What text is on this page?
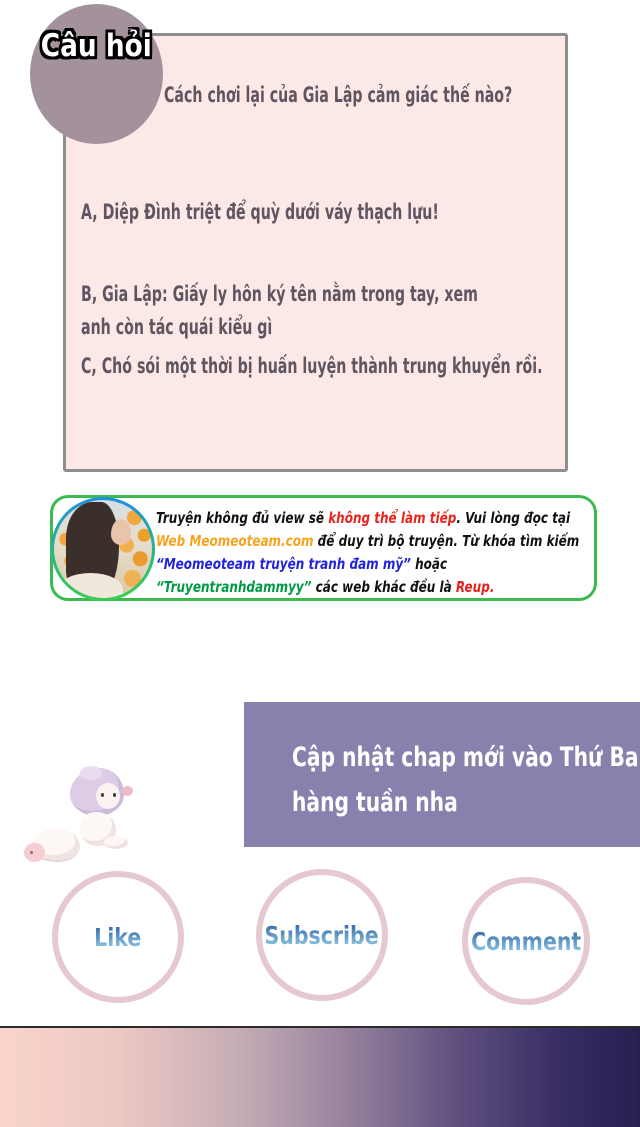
Cách chơi lại của Gia Lập cảm giác thế nào?
A, Diệp Đình triệt để quỳ dưới váy thạch lựu!
B, Gia Lập: Giấy ly hôn ký tên nằm trong tay, xem anh còn tác quái kiểu gì
C, Chó sói một thời bị huấn luyện thành trung khuyển rồi.
Câu hỏi
Truyện không đủ view sẽ không thể làm tiếp. Vui lòng đọc tại
Web Meomeoteam.com để duy trì bộ truyện. Từ khóa tìm kiếm
“Meomeoteam truyện tranh đam mỹ” hoặc
“Truyentranhdammyy” các web khác đều là Reup.
Cập nhật chap mới vào Thứ Ba
hàng tuần nha
Like	Subscribe	Comment
